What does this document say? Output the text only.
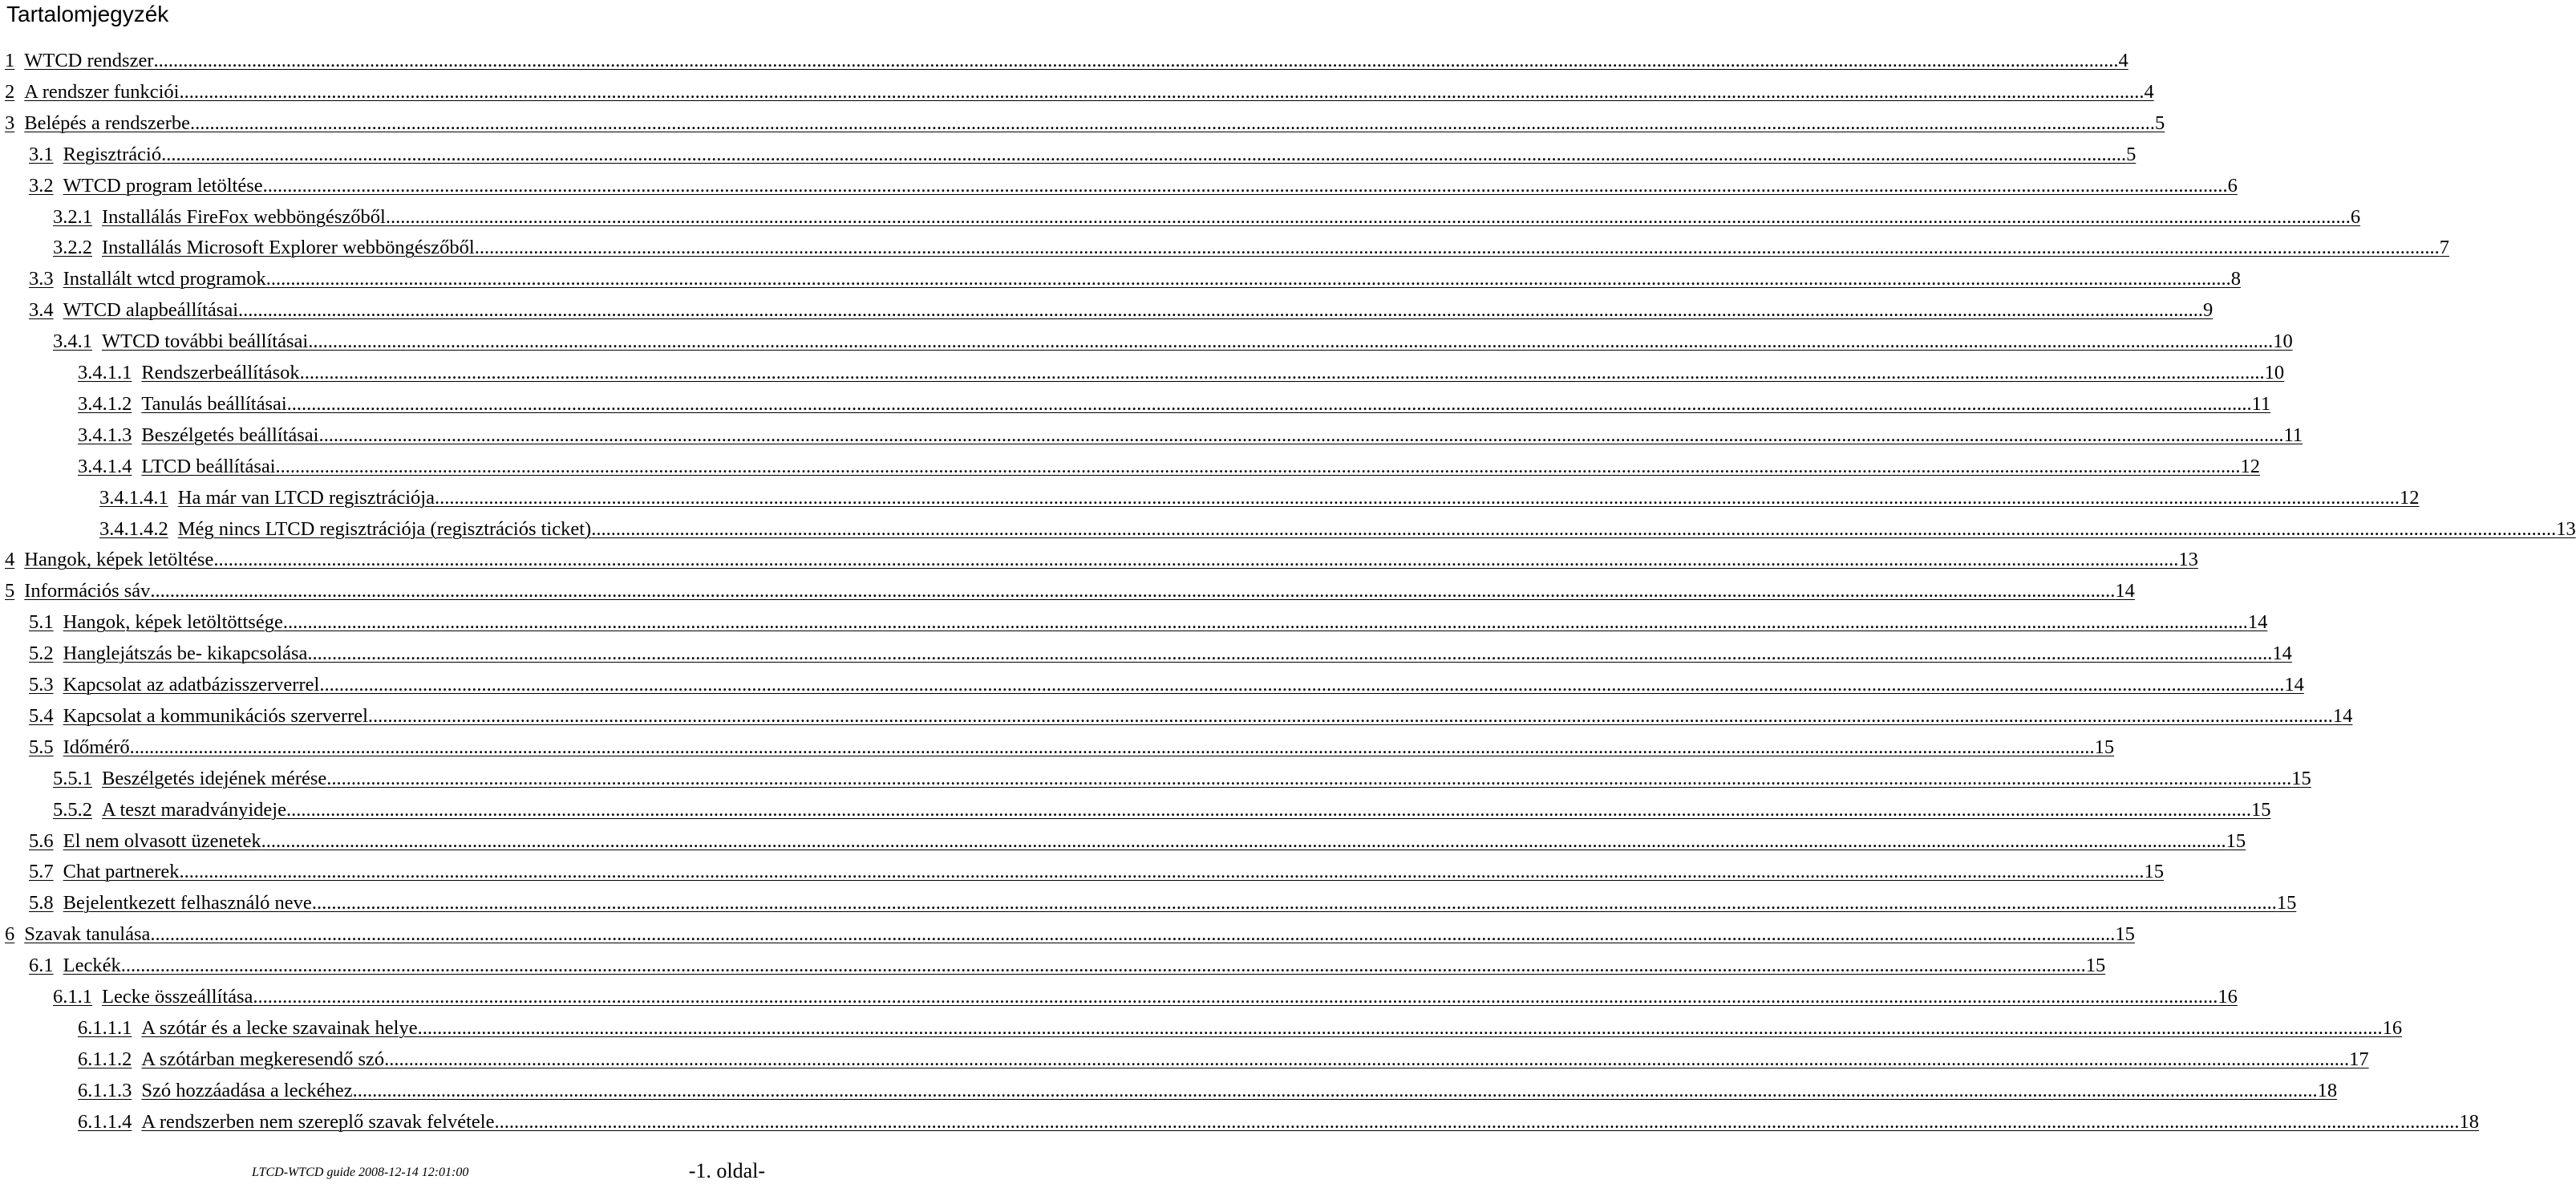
Tartalomjegyzék
1 WTCD rendszer ................................................................................................................................................................................................................................................................................................................................................................................................................ 4
2 A rendszer funkciói ................................................................................................................................................................................................................................................................................................................................................................................................................ 4
3 Belépés a rendszerbe ................................................................................................................................................................................................................................................................................................................................................................................................................ 5
3.1 Regisztráció ................................................................................................................................................................................................................................................................................................................................................................................................................ 5
3.2 WTCD program letöltése ................................................................................................................................................................................................................................................................................................................................................................................................................ 6
3.2.1 Installálás FireFox webböngészőből ................................................................................................................................................................................................................................................................................................................................................................................................................ 6
3.2.2 Installálás Microsoft Explorer webböngészőből ................................................................................................................................................................................................................................................................................................................................................................................................................ 7
3.3 Installált wtcd programok ................................................................................................................................................................................................................................................................................................................................................................................................................ 8
3.4 WTCD alapbeállításai ................................................................................................................................................................................................................................................................................................................................................................................................................ 9
3.4.1 WTCD további beállításai ................................................................................................................................................................................................................................................................................................................................................................................................................ 10
3.4.1.1 Rendszerbeállítások ................................................................................................................................................................................................................................................................................................................................................................................................................ 10
3.4.1.2 Tanulás beállításai ................................................................................................................................................................................................................................................................................................................................................................................................................ 11
3.4.1.3 Beszélgetés beállításai ................................................................................................................................................................................................................................................................................................................................................................................................................ 11
3.4.1.4 LTCD beállításai ................................................................................................................................................................................................................................................................................................................................................................................................................ 12
3.4.1.4.1 Ha már van LTCD regisztrációja ................................................................................................................................................................................................................................................................................................................................................................................................................ 12
3.4.1.4.2 Még nincs LTCD regisztrációja (regisztrációs ticket) ................................................................................................................................................................................................................................................................................................................................................................................................................ 13
4 Hangok, képek letöltése ................................................................................................................................................................................................................................................................................................................................................................................................................ 13
5 Információs sáv ................................................................................................................................................................................................................................................................................................................................................................................................................ 14
5.1 Hangok, képek letöltöttsége ................................................................................................................................................................................................................................................................................................................................................................................................................ 14
5.2 Hanglejátszás be- kikapcsolása ................................................................................................................................................................................................................................................................................................................................................................................................................ 14
5.3 Kapcsolat az adatbázisszerverrel ................................................................................................................................................................................................................................................................................................................................................................................................................ 14
5.4 Kapcsolat a kommunikációs szerverrel ................................................................................................................................................................................................................................................................................................................................................................................................................ 14
5.5 Időmérő ................................................................................................................................................................................................................................................................................................................................................................................................................ 15
5.5.1 Beszélgetés idejének mérése ................................................................................................................................................................................................................................................................................................................................................................................................................ 15
5.5.2 A teszt maradványideje ................................................................................................................................................................................................................................................................................................................................................................................................................ 15
5.6 El nem olvasott üzenetek ................................................................................................................................................................................................................................................................................................................................................................................................................ 15
5.7 Chat partnerek ................................................................................................................................................................................................................................................................................................................................................................................................................ 15
5.8 Bejelentkezett felhasználó neve ................................................................................................................................................................................................................................................................................................................................................................................................................ 15
6 Szavak tanulása ................................................................................................................................................................................................................................................................................................................................................................................................................ 15
6.1 Leckék ................................................................................................................................................................................................................................................................................................................................................................................................................ 15
6.1.1 Lecke összeállítása ................................................................................................................................................................................................................................................................................................................................................................................................................ 16
6.1.1.1 A szótár és a lecke szavainak helye ................................................................................................................................................................................................................................................................................................................................................................................................................ 16
6.1.1.2 A szótárban megkeresendő szó ................................................................................................................................................................................................................................................................................................................................................................................................................ 17
6.1.1.3 Szó hozzáadása a leckéhez ................................................................................................................................................................................................................................................................................................................................................................................................................ 18
6.1.1.4 A rendszerben nem szereplő szavak felvétele ................................................................................................................................................................................................................................................................................................................................................................................................................ 18
LTCD-WTCD guide 2008-12-14 12:01:00	-1. oldal-
